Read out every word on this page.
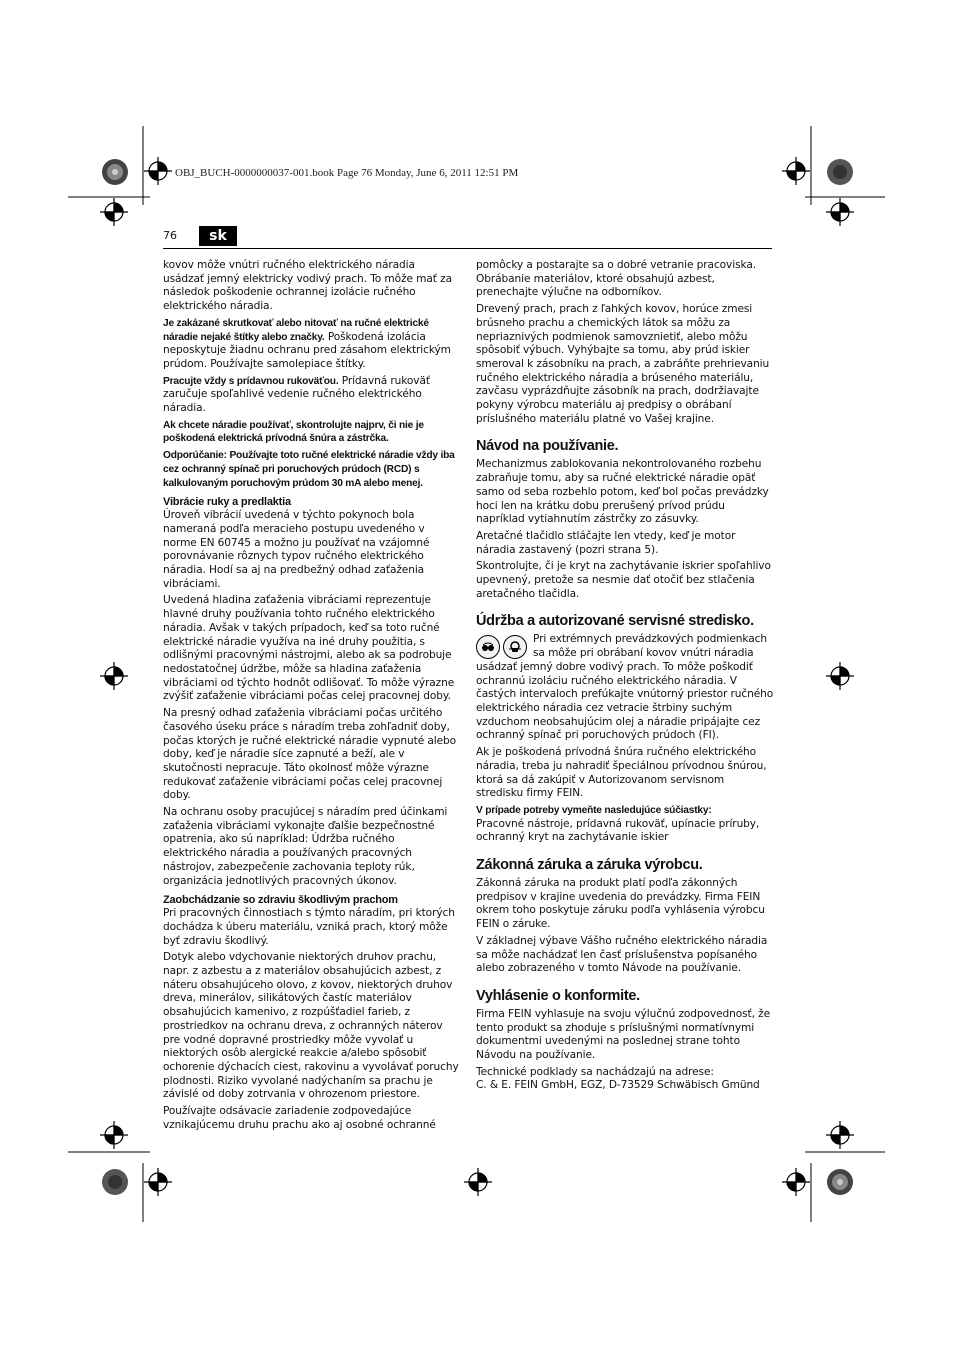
OBJ_BUCH-0000000037-001.book Page 76 Monday, June 6, 2011 12:51 PM
76	sk

kovov môže vnútri ručného elektrického náradia usádzať jemný elektricky vodivý prach. To môže mať za následok poškodenie ochrannej izolácie ručného elektrického náradia.

Je zakázané skrutkovať alebo nitovať na ručné elektrické náradie nejaké štítky alebo značky. Poškodená izolácia neposkytuje žiadnu ochranu pred zásahom elektrickým prúdom. Používajte samolepiace štítky.

Pracujte vždy s prídavnou rukoväťou. Prídavná rukoväť zaručuje spoľahlivé vedenie ručného elektrického náradia.

Ak chcete náradie používať, skontrolujte najprv, či nie je poškodená elektrická prívodná šnúra a zástrčka.

Odporúčanie: Používajte toto ručné elektrické náradie vždy iba cez ochranný spínač pri poruchových prúdoch (RCD) s kalkulovaným poruchovým prúdom 30 mA alebo menej.

Vibrácie ruky a predlaktia

Úroveň vibrácií uvedená v týchto pokynoch bola nameraná podľa meracieho postupu uvedeného v norme EN 60745 a možno ju používať na vzájomné porovnávanie rôznych typov ručného elektrického náradia. Hodí sa aj na predbežný odhad zaťaženia vibráciami.

Uvedená hladina zaťaženia vibráciami reprezentuje hlavné druhy používania tohto ručného elektrického náradia. Avšak v takých prípadoch, keď sa toto ručné elektrické náradie využíva na iné druhy použitia, s odlišnými pracovnými nástrojmi, alebo ak sa podrobuje nedostatočnej údržbe, môže sa hladina zaťaženia vibráciami od týchto hodnôt odlišovať. To môže výrazne zvýšiť zaťaženie vibráciami počas celej pracovnej doby.

Na presný odhad zaťaženia vibráciami počas určitého časového úseku práce s náradím treba zohľadniť doby, počas ktorých je ručné elektrické náradie vypnuté alebo doby, keď je náradie síce zapnuté a beží, ale v skutočnosti nepracuje. Táto okolnosť môže výrazne redukovať zaťaženie vibráciami počas celej pracovnej doby.

Na ochranu osoby pracujúcej s náradím pred účinkami zaťaženia vibráciami vykonajte ďalšie bezpečnostné opatrenia, ako sú napríklad: Údržba ručného elektrického náradia a používaných pracovných nástrojov, zabezpečenie zachovania teploty rúk, organizácia jednotlivých pracovných úkonov.

Zaobchádzanie so zdraviu škodlivým prachom

Pri pracovných činnostiach s týmto náradím, pri ktorých dochádza k úberu materiálu, vzniká prach, ktorý môže byť zdraviu škodlivý.

Dotyk alebo vdychovanie niektorých druhov prachu, napr. z azbestu a z materiálov obsahujúcich azbest, z náteru obsahujúceho olovo, z kovov, niektorých druhov dreva, minerálov, silikátových častíc materiálov obsahujúcich kamenivo, z rozpúšťadiel farieb, z prostriedkov na ochranu dreva, z ochranných náterov pre vodné dopravné prostriedky môže vyvolať u niektorých osôb alergické reakcie a/alebo spôsobiť ochorenie dýchacích ciest, rakovinu a vyvolávať poruchy plodnosti. Riziko vyvolané nadýchaním sa prachu je závislé od doby zotrvania v ohrozenom priestore.

Používajte odsávacie zariadenie zodpovedajúce vznikajúcemu druhu prachu ako aj osobné ochranné

pomôcky a postarajte sa o dobré vetranie pracoviska. Obrábanie materiálov, ktoré obsahujú azbest, prenechajte výlučne na odborníkov.

Drevený prach, prach z ľahkých kovov, horúce zmesi brúsneho prachu a chemických látok sa môžu za nepriaznivých podmienok samovznietiť, alebo môžu spôsobiť výbuch. Vyhýbajte sa tomu, aby prúd iskier smeroval k zásobníku na prach, a zabráňte prehrievaniu ručného elektrického náradia a brúseného materiálu, zavčasu vyprázdňujte zásobník na prach, dodržiavajte pokyny výrobcu materiálu aj predpisy o obrábaní príslušného materiálu platné vo Vašej krajine.

Návod na používanie.

Mechanizmus zablokovania nekontrolovaného rozbehu zabraňuje tomu, aby sa ručné elektrické náradie opäť samo od seba rozbehlo potom, keď bol počas prevádzky hoci len na krátku dobu prerušený prívod prúdu napríklad vytiahnutím zástrčky zo zásuvky.

Aretačné tlačidlo stláčajte len vtedy, keď je motor náradia zastavený (pozri strana 5).

Skontrolujte, či je kryt na zachytávanie iskrier spoľahlivo upevnený, pretože sa nesmie dať otočiť bez stlačenia aretačného tlačidla.

Údržba a autorizované servisné stredisko.

Pri extrémnych prevádzkových podmienkach sa môže pri obrábaní kovov vnútri náradia usádzať jemný dobre vodivý prach. To môže poškodiť ochrannú izoláciu ručného elektrického náradia. V častých intervaloch prefúkajte vnútorný priestor ručného elektrického náradia cez vetracie štrbiny suchým vzduchom neobsahujúcim olej a náradie pripájajte cez ochranný spínač pri poruchových prúdoch (FI).

Ak je poškodená prívodná šnúra ručného elektrického náradia, treba ju nahradiť špeciálnou prívodnou šnúrou, ktorá sa dá zakúpiť v Autorizovanom servisnom stredisku firmy FEIN.

V prípade potreby vymeňte nasledujúce súčiastky:

Pracovné nástroje, prídavná rukoväť, upínacie príruby, ochranný kryt na zachytávanie iskier

Zákonná záruka a záruka výrobcu.

Zákonná záruka na produkt platí podľa zákonných predpisov v krajine uvedenia do prevádzky. Firma FEIN okrem toho poskytuje záruku podľa vyhlásenia výrobcu FEIN o záruke.

V základnej výbave Vášho ručného elektrického náradia sa môže nachádzať len časť príslušenstva popísaného alebo zobrazeného v tomto Návode na používanie.

Vyhlásenie o konformite.

Firma FEIN vyhlasuje na svoju výlučnú zodpovednosť, že tento produkt sa zhoduje s príslušnými normatívnymi dokumentmi uvedenými na poslednej strane tohto Návodu na používanie.

Technické podklady sa nachádzajú na adrese:

C. & E. FEIN GmbH, EGZ, D-73529 Schwäbisch Gmünd
